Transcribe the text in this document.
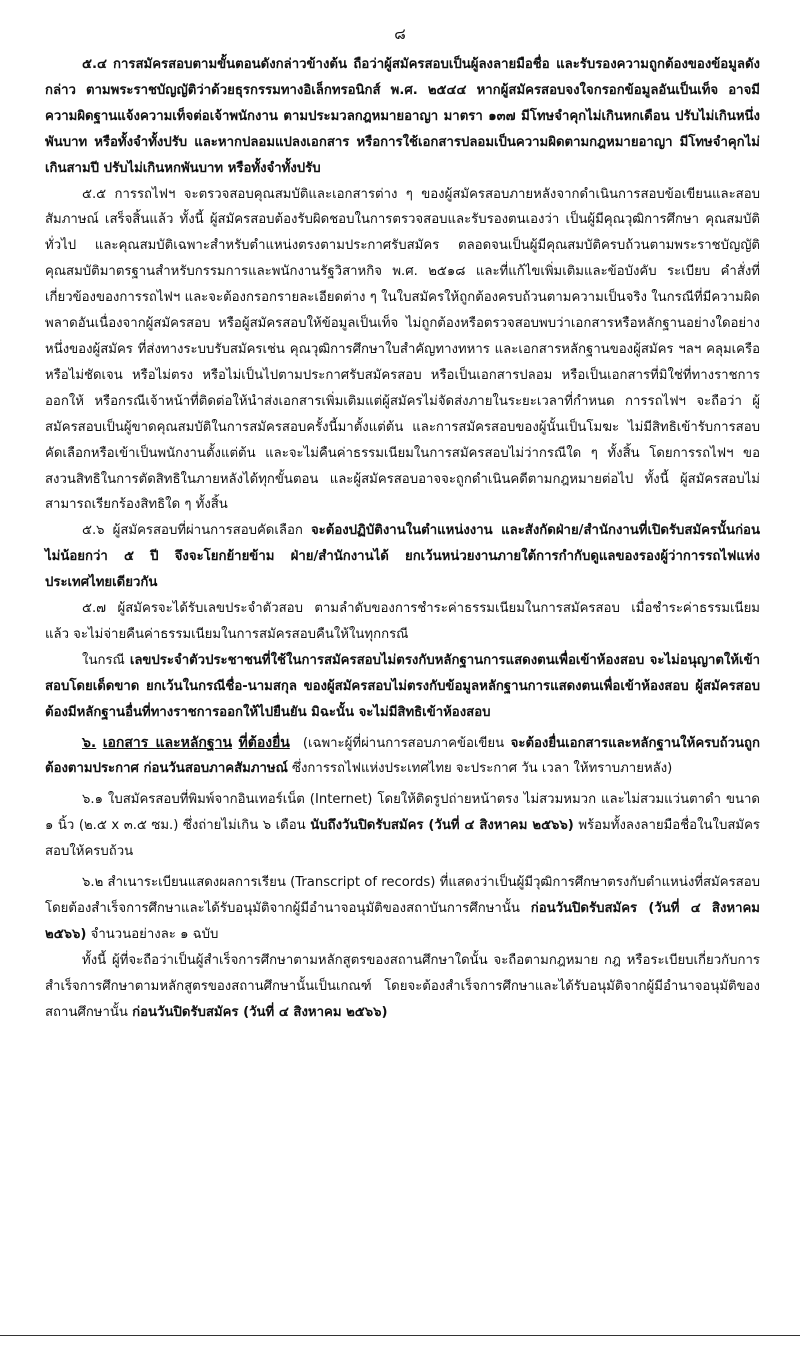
๘

๕.๔ การสมัครสอบตามขั้นตอนดังกล่าวข้างต้น ถือว่าผู้สมัครสอบเป็นผู้ลงลายมือชื่อ และรับรองความถูกต้องของข้อมูลดังกล่าว ตามพระราชบัญญัติว่าด้วยธุรกรรมทางอิเล็กทรอนิกส์ พ.ศ. ๒๕๔๔ หากผู้สมัครสอบจงใจกรอกข้อมูลอันเป็นเท็จ อาจมีความผิดฐานแจ้งความเท็จต่อเจ้าพนักงาน ตามประมวลกฎหมายอาญา มาตรา ๑๓๗ มีโทษจำคุกไม่เกินหกเดือน ปรับไม่เกินหนึ่งพันบาท หรือทั้งจำทั้งปรับ และหากปลอมแปลงเอกสาร หรือการใช้เอกสารปลอมเป็นความผิดตามกฎหมายอาญา มีโทษจำคุกไม่เกินสามปี ปรับไม่เกินหกพันบาท หรือทั้งจำทั้งปรับ

๕.๕ การรถไฟฯ จะตรวจสอบคุณสมบัติและเอกสารต่าง ๆ ของผู้สมัครสอบภายหลังจากดำเนินการสอบข้อเขียนและสอบสัมภาษณ์ เสร็จสิ้นแล้ว ทั้งนี้ ผู้สมัครสอบต้องรับผิดชอบในการตรวจสอบและรับรองตนเองว่า เป็นผู้มีคุณวุฒิการศึกษา คุณสมบัติทั่วไป และคุณสมบัติเฉพาะสำหรับตำแหน่งตรงตามประกาศรับสมัคร ตลอดจนเป็นผู้มีคุณสมบัติครบถ้วนตามพระราชบัญญัติคุณสมบัติมาตรฐานสำหรับกรรมการและพนักงานรัฐวิสาหกิจ พ.ศ. ๒๕๑๘ และที่แก้ไขเพิ่มเติมและข้อบังคับ ระเบียบ คำสั่งที่เกี่ยวข้องของการรถไฟฯ และจะต้องกรอกรายละเอียดต่าง ๆ ในใบสมัครให้ถูกต้องครบถ้วนตามความเป็นจริง ในกรณีที่มีความผิดพลาดอันเนื่องจากผู้สมัครสอบ หรือผู้สมัครสอบให้ข้อมูลเป็นเท็จ ไม่ถูกต้องหรือตรวจสอบพบว่าเอกสารหรือหลักฐานอย่างใดอย่างหนึ่งของผู้สมัคร ที่ส่งทางระบบรับสมัครเช่น คุณวุฒิการศึกษาใบสำคัญทางทหาร และเอกสารหลักฐานของผู้สมัคร ฯลฯ คลุมเครือ หรือไม่ชัดเจน หรือไม่ตรง หรือไม่เป็นไปตามประกาศรับสมัครสอบ หรือเป็นเอกสารปลอม หรือเป็นเอกสารที่มิใช่ที่ทางราชการออกให้ หรือกรณีเจ้าหน้าที่ติดต่อให้นำส่งเอกสารเพิ่มเติมแต่ผู้สมัครไม่จัดส่งภายในระยะเวลาที่กำหนด การรถไฟฯ จะถือว่า ผู้สมัครสอบเป็นผู้ขาดคุณสมบัติในการสมัครสอบครั้งนี้มาตั้งแต่ต้น และการสมัครสอบของผู้นั้นเป็นโมฆะ ไม่มีสิทธิเข้ารับการสอบคัดเลือกหรือเข้าเป็นพนักงานตั้งแต่ต้น และจะไม่คืนค่าธรรมเนียมในการสมัครสอบไม่ว่ากรณีใด ๆ ทั้งสิ้น โดยการรถไฟฯ ขอสงวนสิทธิในการตัดสิทธิในภายหลังได้ทุกขั้นตอน และผู้สมัครสอบอาจจะถูกดำเนินคดีตามกฎหมายต่อไป ทั้งนี้ ผู้สมัครสอบไม่สามารถเรียกร้องสิทธิใด ๆ ทั้งสิ้น

๕.๖ ผู้สมัครสอบที่ผ่านการสอบคัดเลือก จะต้องปฏิบัติงานในตำแหน่งงาน และสังกัดฝ่าย/สำนักงานที่เปิดรับสมัครนั้นก่อนไม่น้อยกว่า ๕ ปี จึงจะโยกย้ายข้าม ฝ่าย/สำนักงานได้ ยกเว้นหน่วยงานภายใต้การกำกับดูแลของรองผู้ว่าการรถไฟแห่งประเทศไทยเดียวกัน

๕.๗ ผู้สมัครจะได้รับเลขประจำตัวสอบ ตามลำดับของการชำระค่าธรรมเนียมในการสมัครสอบ เมื่อชำระค่าธรรมเนียมแล้ว จะไม่จ่ายคืนค่าธรรมเนียมในการสมัครสอบคืนให้ในทุกกรณี

ในกรณี เลขประจำตัวประชาชนที่ใช้ในการสมัครสอบไม่ตรงกับหลักฐานการแสดงตนเพื่อเข้าห้องสอบ จะไม่อนุญาตให้เข้าสอบโดยเด็ดขาด ยกเว้นในกรณีชื่อ-นามสกุล ของผู้สมัครสอบไม่ตรงกับข้อมูลหลักฐานการแสดงตนเพื่อเข้าห้องสอบ ผู้สมัครสอบต้องมีหลักฐานอื่นที่ทางราชการออกให้ไปยืนยัน มิฉะนั้น จะไม่มีสิทธิเข้าห้องสอบ

๖. เอกสาร และหลักฐาน ที่ต้องยื่น (เฉพาะผู้ที่ผ่านการสอบภาคข้อเขียน จะต้องยื่นเอกสารและหลักฐานให้ครบถ้วนถูกต้องตามประกาศ ก่อนวันสอบภาคสัมภาษณ์ ซึ่งการรถไฟแห่งประเทศไทย จะประกาศ วัน เวลา ให้ทราบภายหลัง)

๖.๑ ใบสมัครสอบที่พิมพ์จากอินเทอร์เน็ต (Internet) โดยให้ติดรูปถ่ายหน้าตรง ไม่สวมหมวก และไม่สวมแว่นตาดำ ขนาด ๑ นิ้ว (๒.๕ x ๓.๕ ซม.) ซึ่งถ่ายไม่เกิน ๖ เดือน นับถึงวันปิดรับสมัคร (วันที่ ๔ สิงหาคม ๒๕๖๖) พร้อมทั้งลงลายมือชื่อในใบสมัครสอบให้ครบถ้วน

๖.๒ สำเนาระเบียนแสดงผลการเรียน (Transcript of records) ที่แสดงว่าเป็นผู้มีวุฒิการศึกษาตรงกับตำแหน่งที่สมัครสอบ โดยต้องสำเร็จการศึกษาและได้รับอนุมัติจากผู้มีอำนาจอนุมัติของสถาบันการศึกษานั้น ก่อนวันปิดรับสมัคร (วันที่ ๔ สิงหาคม ๒๕๖๖) จำนวนอย่างละ ๑ ฉบับ

ทั้งนี้ ผู้ที่จะถือว่าเป็นผู้สำเร็จการศึกษาตามหลักสูตรของสถานศึกษาใดนั้น จะถือตามกฎหมาย กฎ หรือระเบียบเกี่ยวกับการสำเร็จการศึกษาตามหลักสูตรของสถานศึกษานั้นเป็นเกณฑ์ โดยจะต้องสำเร็จการศึกษาและได้รับอนุมัติจากผู้มีอำนาจอนุมัติของสถานศึกษานั้น ก่อนวันปิดรับสมัคร (วันที่ ๔ สิงหาคม ๒๕๖๖)
